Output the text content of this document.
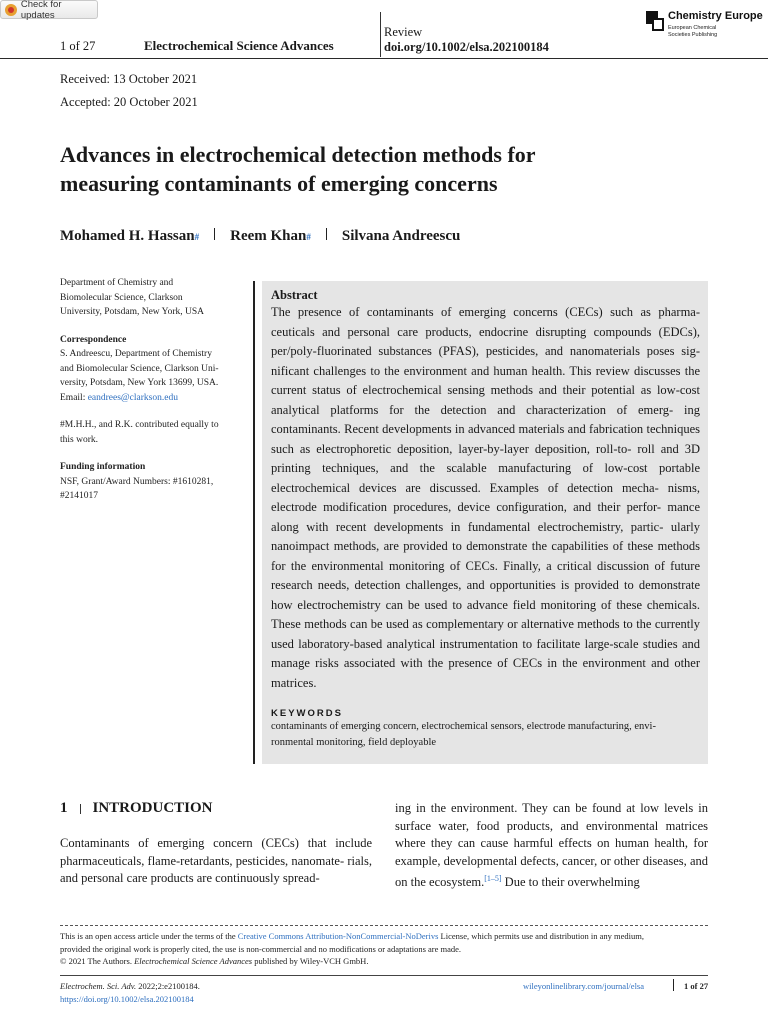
Check for updates
1 of 27	Electrochemical Science Advances
Review
doi.org/10.1002/elsa.202100184
Chemistry Europe
European Chemical
Societies Publishing
Received: 13 October 2021
Accepted: 20 October 2021
Advances in electrochemical detection methods for
measuring contaminants of emerging concerns
Mohamed H. Hassan # Reem Khan # Silvana Andreescu

Department of Chemistry and
Biomolecular Science, Clarkson
University, Potsdam, New York, USA

Correspondence

S. Andreescu, Department of Chemistry
and Biomolecular Science, Clarkson Uni-
versity, Potsdam, New York 13699, USA.
Email: eandrees@clarkson.edu

#M.H.H., and R.K. contributed equally to
this work.

Funding information

NSF, Grant/Award Numbers: #1610281,
#2141017

Abstract

The presence of contaminants of emerging concerns (CECs) such as pharma- ceuticals and personal care products, endocrine disrupting compounds (EDCs), per/poly-fluorinated substances (PFAS), pesticides, and nanomaterials poses sig- nificant challenges to the environment and human health. This review discusses the current status of electrochemical sensing methods and their potential as low-cost analytical platforms for the detection and characterization of emerg- ing contaminants. Recent developments in advanced materials and fabrication techniques such as electrophoretic deposition, layer-by-layer deposition, roll-to- roll and 3D printing techniques, and the scalable manufacturing of low-cost portable electrochemical devices are discussed. Examples of detection mecha- nisms, electrode modification procedures, device configuration, and their perfor- mance along with recent developments in fundamental electrochemistry, partic- ularly nanoimpact methods, are provided to demonstrate the capabilities of these methods for the environmental monitoring of CECs. Finally, a critical discussion of future research needs, detection challenges, and opportunities is provided to demonstrate how electrochemistry can be used to advance field monitoring of these chemicals. These methods can be used as complementary or alternative methods to the currently used laboratory-based analytical instrumentation to facilitate large-scale studies and manage risks associated with the presence of CECs in the environment and other matrices.

KEYWORDS

contaminants of emerging concern, electrochemical sensors, electrode manufacturing, envi- ronmental monitoring, field deployable

1 INTRODUCTION

Contaminants of emerging concern (CECs) that include pharmaceuticals, flame-retardants, pesticides, nanomate- rials, and personal care products are continuously spread-

ing in the environment. They can be found at low levels in surface water, food products, and environmental matrices where they can cause harmful effects on human health, for example, developmental defects, cancer, or other diseases, and on the ecosystem.[1–5] Due to their overwhelming

This is an open access article under the terms of the Creative Commons Attribution-NonCommercial-NoDerivs License, which permits use and distribution in any medium,

provided the original work is properly cited, the use is non-commercial and no modifications or adaptations are made.

© 2021 The Authors. Electrochemical Science Advances published by Wiley-VCH GmbH.

Electrochem. Sci. Adv. 2022;2:e2100184.
https://doi.org/10.1002/elsa.202100184
wileyonlinelibrary.com/journal/elsa	1 of 27
